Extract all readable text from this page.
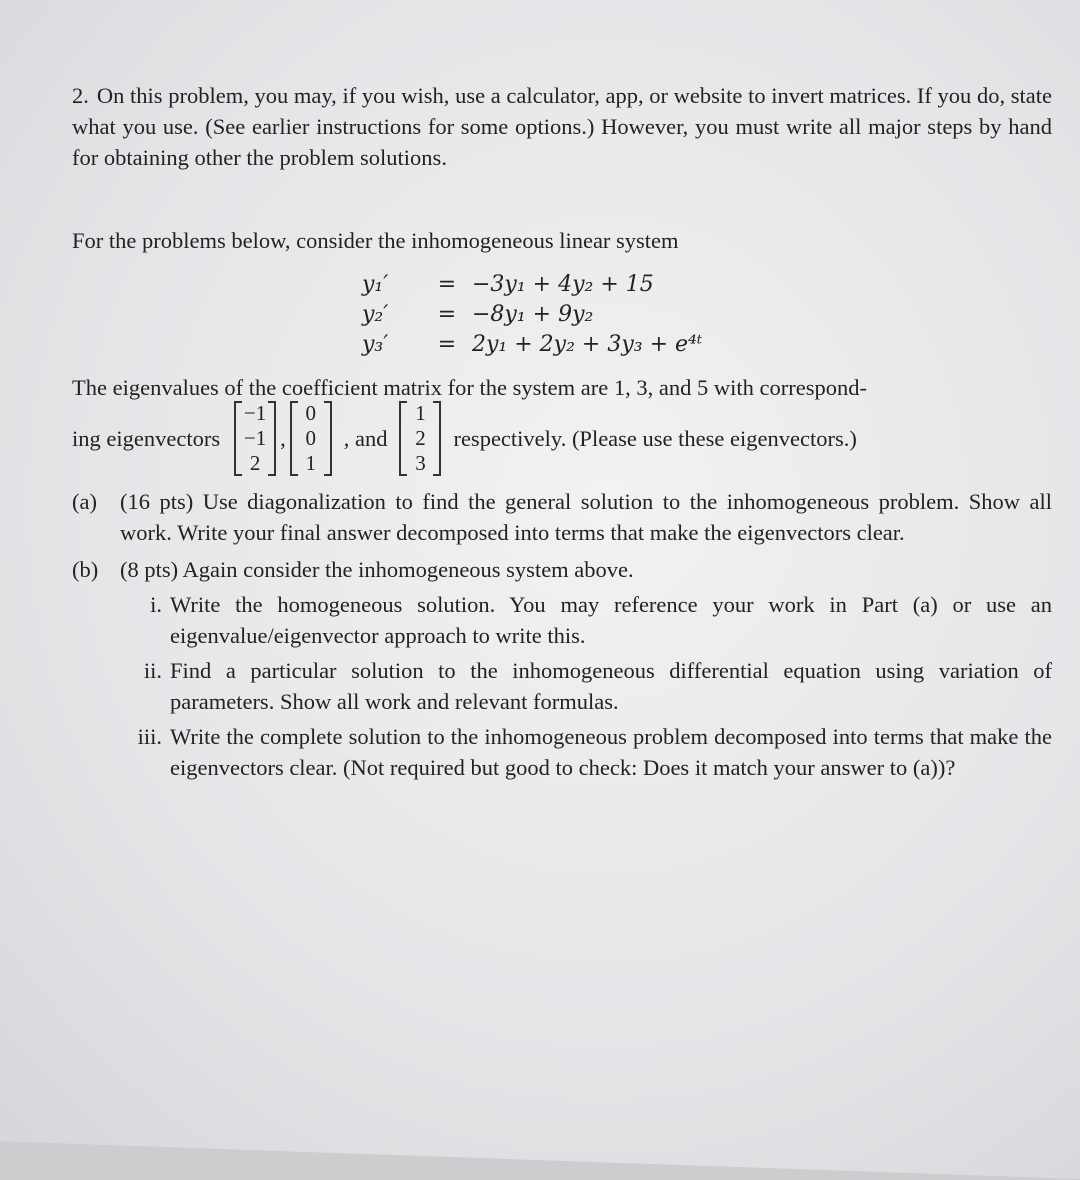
2. On this problem, you may, if you wish, use a calculator, app, or website to invert matrices. If you do, state what you use. (See earlier instructions for some options.) However, you must write all major steps by hand for obtaining other the problem solutions.

For the problems below, consider the inhomogeneous linear system

y₁′	= −3y₁ + 4y₂ + 15
y₂′	= −8y₁ + 9y₂
y₃′	= 2y₁ + 2y₂ + 3y₃ + e⁴ᵗ

The eigenvalues of the coefficient matrix for the system are 1, 3, and 5 with correspond-

ing eigenvectors
−1
−1
2
,
0
0
1
, and
1
2
3
respectively. (Please use these eigenvectors.)
(a)	(16 pts) Use diagonalization to find the general solution to the inhomogeneous problem. Show all work. Write your final answer decomposed into terms that make the eigenvectors clear.
(b) (8 pts) Again consider the inhomogeneous system above.
i. Write the homogeneous solution. You may reference your work in Part (a) or use an eigenvalue/eigenvector approach to write this.
ii. Find a particular solution to the inhomogeneous differential equation using variation of parameters. Show all work and relevant formulas.
iii. Write the complete solution to the inhomogeneous problem decomposed into terms that make the eigenvectors clear. (Not required but good to check: Does it match your answer to (a))?
